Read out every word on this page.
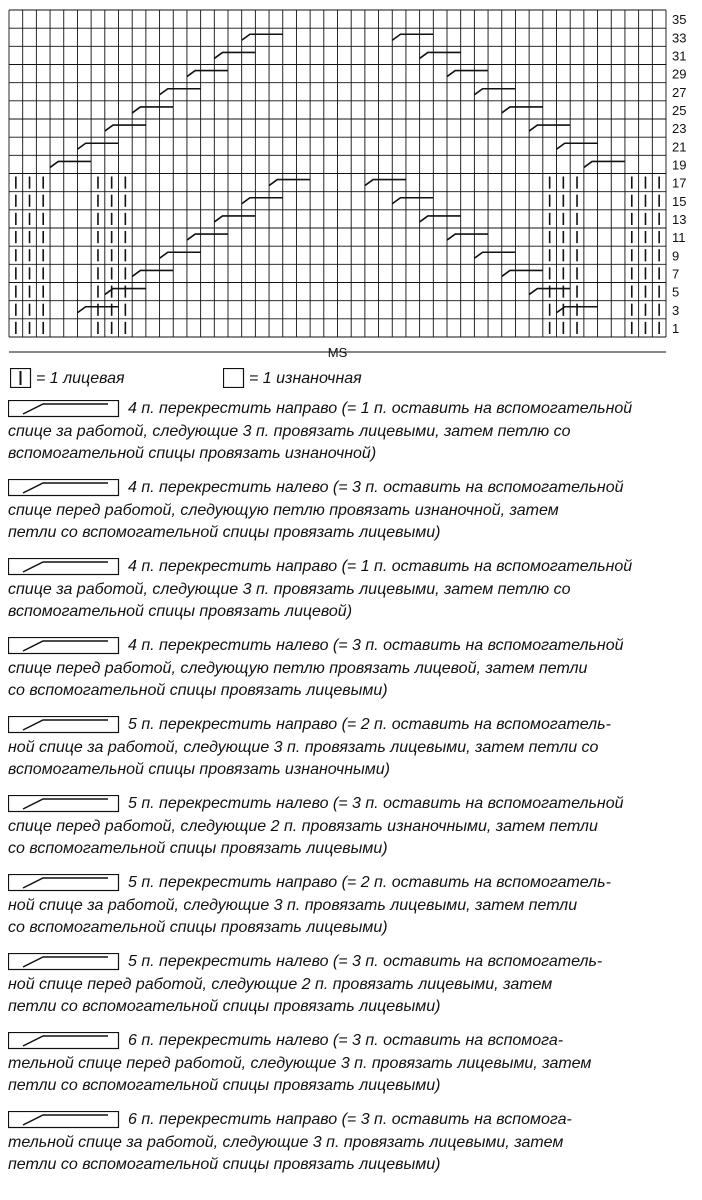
MS
35
33
31
29
27
25
23
21
19
17
15
13
11
9
7
5
3
1
= 1 лицевая	= 1 изнаночная

4 п. перекрестить направо (= 1 п. оставить на вспомогательной
спице за работой, следующие 3 п. провязать лицевыми, затем петлю со
вспомогательной спицы провязать изнаночной)

4 п. перекрестить налево (= 3 п. оставить на вспомогательной
спице перед работой, следующую петлю провязать изнаночной, затем
петли со вспомогательной спицы провязать лицевыми)

4 п. перекрестить направо (= 1 п. оставить на вспомогательной
спице за работой, следующие 3 п. провязать лицевыми, затем петлю со
вспомогательной спицы провязать лицевой)

4 п. перекрестить налево (= 3 п. оставить на вспомогательной
спице перед работой, следующую петлю провязать лицевой, затем петли
со вспомогательной спицы провязать лицевыми)

5 п. перекрестить направо (= 2 п. оставить на вспомогатель-
ной спице за работой, следующие 3 п. провязать лицевыми, затем петли со
вспомогательной спицы провязать изнаночными)

5 п. перекрестить налево (= 3 п. оставить на вспомогательной
спице перед работой, следующие 2 п. провязать изнаночными, затем петли
со вспомогательной спицы провязать лицевыми)

5 п. перекрестить направо (= 2 п. оставить на вспомогатель-
ной спице за работой, следующие 3 п. провязать лицевыми, затем петли
со вспомогательной спицы провязать лицевыми)

5 п. перекрестить налево (= 3 п. оставить на вспомогатель-
ной спице перед работой, следующие 2 п. провязать лицевыми, затем
петли со вспомогательной спицы провязать лицевыми)

6 п. перекрестить налево (= 3 п. оставить на вспомога-
тельной спице перед работой, следующие 3 п. провязать лицевыми, затем
петли со вспомогательной спицы провязать лицевыми)

6 п. перекрестить направо (= 3 п. оставить на вспомога-
тельной спице за работой, следующие 3 п. провязать лицевыми, затем
петли со вспомогательной спицы провязать лицевыми)
